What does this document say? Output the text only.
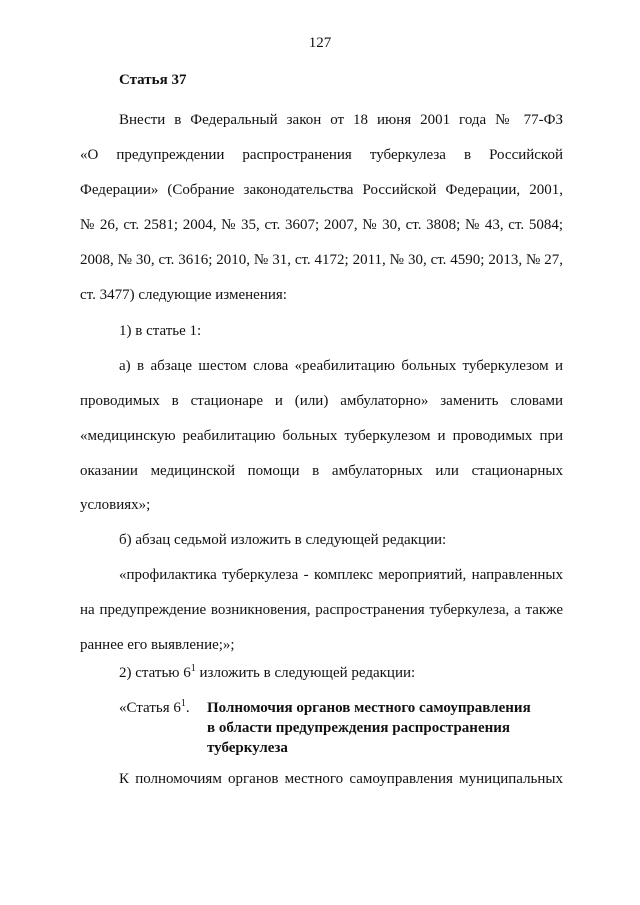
127
Статья 37
Внести в Федеральный закон от 18 июня 2001 года № 77-ФЗ
«О предупреждении распространения туберкулеза в Российской
Федерации» (Собрание законодательства Российской Федерации, 2001,
№ 26, ст. 2581; 2004, № 35, ст. 3607; 2007, № 30, ст. 3808; № 43, ст. 5084;
2008, № 30, ст. 3616; 2010, № 31, ст. 4172; 2011, № 30, ст. 4590; 2013, № 27,
ст. 3477) следующие изменения:
1) в статье 1:
а) в абзаце шестом слова «реабилитацию больных туберкулезом и
проводимых в стационаре и (или) амбулаторно» заменить словами
«медицинскую реабилитацию больных туберкулезом и проводимых при
оказании медицинской помощи в амбулаторных или стационарных
условиях»;
б) абзац седьмой изложить в следующей редакции:
«профилактика туберкулеза - комплекс мероприятий, направленных
на предупреждение возникновения, распространения туберкулеза, а также
раннее его выявление;»;
2) статью $6^1$ изложить в следующей редакции:
«Статья $6^1$. Полномочия органов местного самоуправления
в области предупреждения распространения
туберкулеза
К полномочиям органов местного самоуправления муниципальных
